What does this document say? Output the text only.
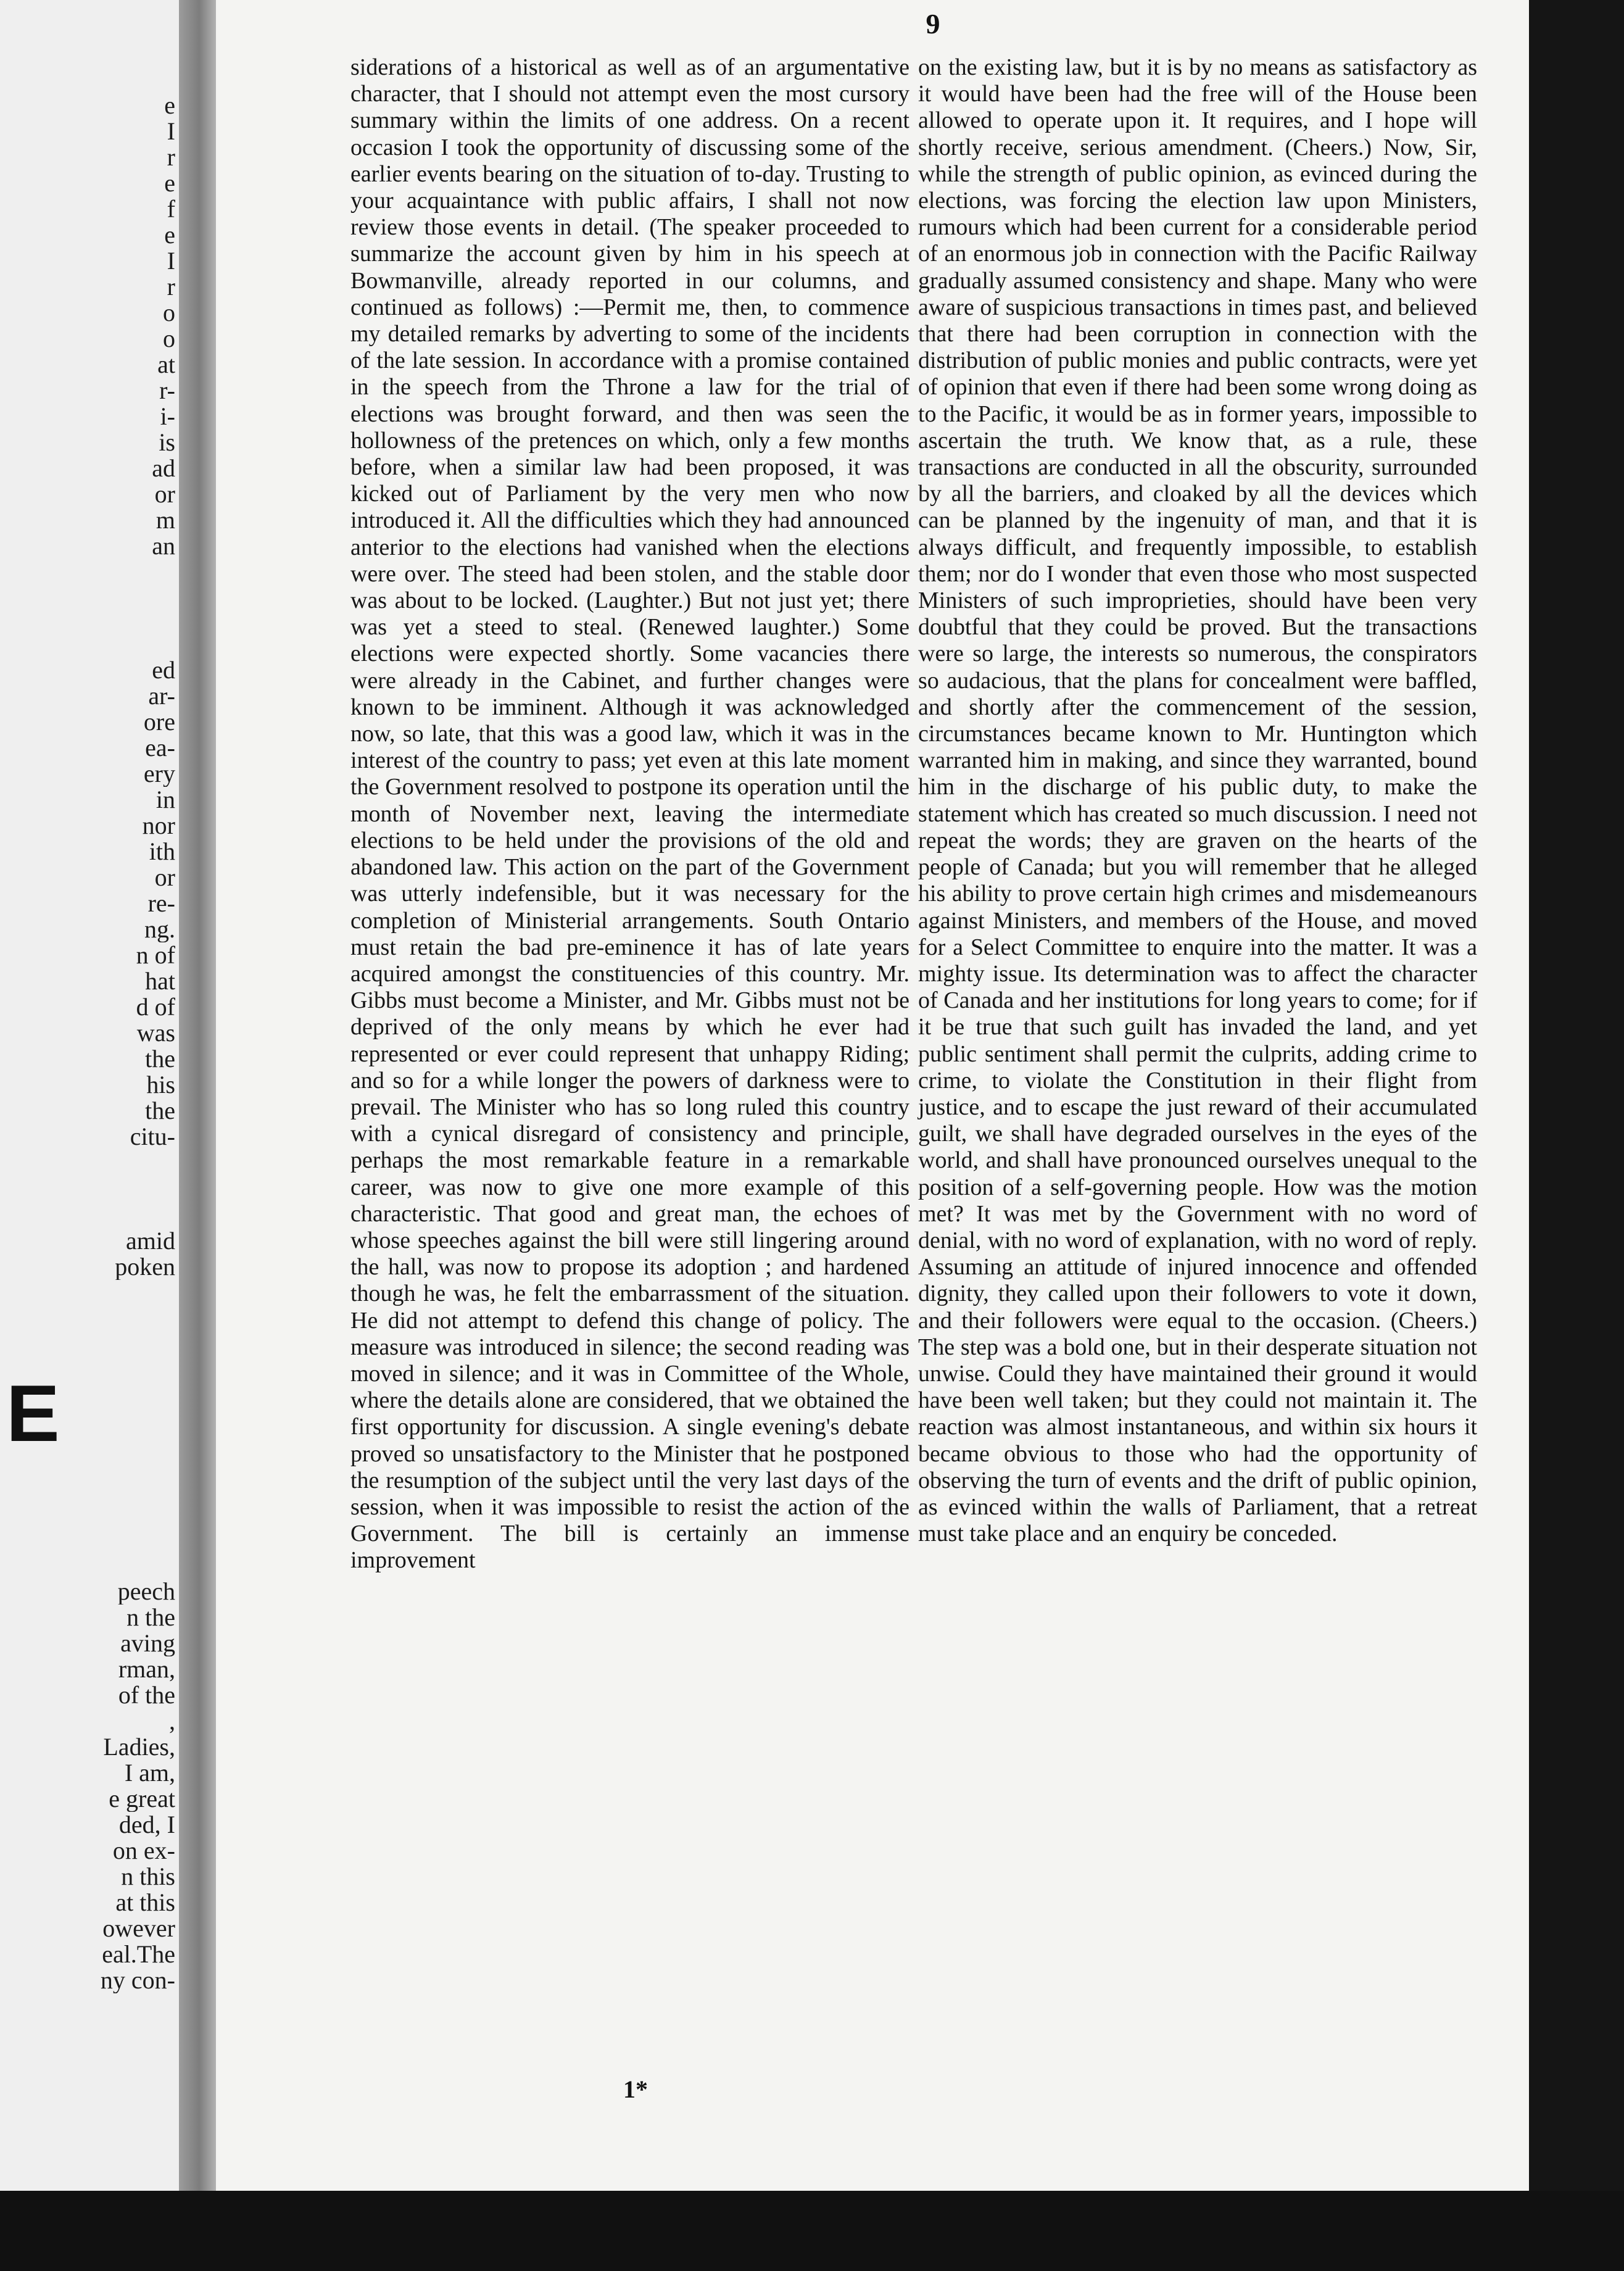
e
I
r
e
f
e
I
r
o
o
at
r-
i-
is
ad
or
m
an
ed
ar-
ore
ea-
ery
in
nor
ith
or
re-
ng.
n of
hat
d of
was
the
his
the
citu-
amid
poken
E
peech
n the
aving
rman,
of the
,
Ladies,
I am,
e great
ded, I
on ex-
n this
at this
owever
eal.The
ny con-
9

siderations of a historical as well as of an argumentative character, that I should not attempt even the most cursory summary within the limits of one address. On a recent occasion I took the opportunity of discussing some of the earlier events bearing on the situation of to-day. Trusting to your acquaintance with public affairs, I shall not now review those events in detail. (The speaker proceeded to summarize the account given by him in his speech at Bowmanville, already reported in our columns, and continued as follows) :—Permit me, then, to commence my detailed remarks by adverting to some of the incidents of the late session. In accordance with a promise contained in the speech from the Throne a law for the trial of elections was brought forward, and then was seen the hollowness of the pretences on which, only a few months before, when a similar law had been proposed, it was kicked out of Parliament by the very men who now introduced it. All the difficulties which they had announced anterior to the elections had vanished when the elections were over. The steed had been stolen, and the stable door was about to be locked. (Laughter.) But not just yet; there was yet a steed to steal. (Renewed laughter.) Some elections were expected shortly. Some vacancies there were already in the Cabinet, and further changes were known to be imminent. Although it was acknowledged now, so late, that this was a good law, which it was in the interest of the country to pass; yet even at this late moment the Government resolved to postpone its operation until the month of November next, leaving the intermediate elections to be held under the provisions of the old and abandoned law. This action on the part of the Government was utterly indefensible, but it was necessary for the completion of Ministerial arrangements. South Ontario must retain the bad pre-eminence it has of late years acquired amongst the constituencies of this country. Mr. Gibbs must become a Minister, and Mr. Gibbs must not be deprived of the only means by which he ever had represented or ever could represent that unhappy Riding; and so for a while longer the powers of darkness were to prevail. The Minister who has so long ruled this country with a cynical disregard of consistency and principle, perhaps the most remarkable feature in a remarkable career, was now to give one more example of this characteristic. That good and great man, the echoes of whose speeches against the bill were still lingering around the hall, was now to propose its adoption ; and hardened though he was, he felt the embarrassment of the situation. He did not attempt to defend this change of policy. The measure was introduced in silence; the second reading was moved in silence; and it was in Committee of the Whole, where the details alone are considered, that we obtained the first opportunity for discussion. A single evening's debate proved so unsatisfactory to the Minister that he postponed the resumption of the subject until the very last days of the session, when it was impossible to resist the action of the Government. The bill is certainly an immense improvement

on the existing law, but it is by no means as satisfactory as it would have been had the free will of the House been allowed to operate upon it. It requires, and I hope will shortly receive, serious amendment. (Cheers.) Now, Sir, while the strength of public opinion, as evinced during the elections, was forcing the election law upon Ministers, rumours which had been current for a considerable period of an enormous job in connection with the Pacific Railway gradually assumed consistency and shape. Many who were aware of suspicious transactions in times past, and believed that there had been corruption in connection with the distribution of public monies and public contracts, were yet of opinion that even if there had been some wrong doing as to the Pacific, it would be as in former years, impossible to ascertain the truth. We know that, as a rule, these transactions are conducted in all the obscurity, surrounded by all the barriers, and cloaked by all the devices which can be planned by the ingenuity of man, and that it is always difficult, and frequently impossible, to establish them; nor do I wonder that even those who most suspected Ministers of such improprieties, should have been very doubtful that they could be proved. But the transactions were so large, the interests so numerous, the conspirators so audacious, that the plans for concealment were baffled, and shortly after the commencement of the session, circumstances became known to Mr. Huntington which warranted him in making, and since they warranted, bound him in the discharge of his public duty, to make the statement which has created so much discussion. I need not repeat the words; they are graven on the hearts of the people of Canada; but you will remember that he alleged his ability to prove certain high crimes and misdemeanours against Ministers, and members of the House, and moved for a Select Committee to enquire into the matter. It was a mighty issue. Its determination was to affect the character of Canada and her institutions for long years to come; for if it be true that such guilt has invaded the land, and yet public sentiment shall permit the culprits, adding crime to crime, to violate the Constitution in their flight from justice, and to escape the just reward of their accumulated guilt, we shall have degraded ourselves in the eyes of the world, and shall have pronounced ourselves unequal to the position of a self-governing people. How was the motion met? It was met by the Government with no word of denial, with no word of explanation, with no word of reply. Assuming an attitude of injured innocence and offended dignity, they called upon their followers to vote it down, and their followers were equal to the occasion. (Cheers.) The step was a bold one, but in their desperate situation not unwise. Could they have maintained their ground it would have been well taken; but they could not maintain it. The reaction was almost instantaneous, and within six hours it became obvious to those who had the opportunity of observing the turn of events and the drift of public opinion, as evinced within the walls of Parliament, that a retreat must take place and an enquiry be conceded.

1*
